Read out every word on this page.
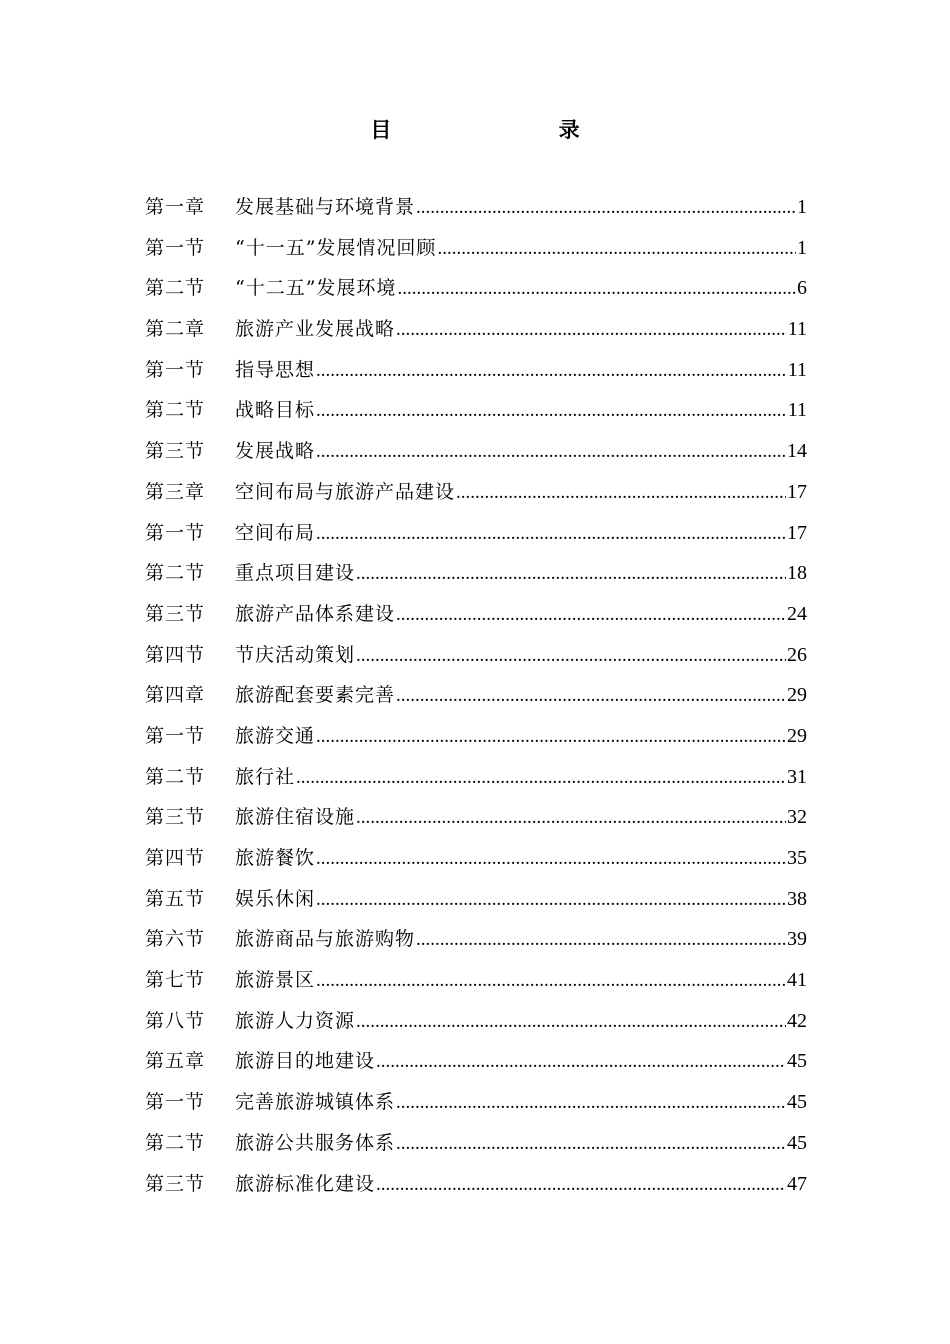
目 录
第一章	发展基础与环境背景 .....	1
第一节	“十一五”发展情况回顾 .....	1
第二节	“十二五”发展环境 .....	6
第二章	旅游产业发展战略 .....	11
第一节	指导思想 .....	11
第二节	战略目标 .....	11
第三节	发展战略 .....	14
第三章	空间布局与旅游产品建设 .....	17
第一节	空间布局 .....	17
第二节	重点项目建设 .....	18
第三节	旅游产品体系建设 .....	24
第四节	节庆活动策划 .....	26
第四章	旅游配套要素完善 .....	29
第一节	旅游交通 .....	29
第二节	旅行社 .....	31
第三节	旅游住宿设施 .....	32
第四节	旅游餐饮 .....	35
第五节	娱乐休闲 .....	38
第六节	旅游商品与旅游购物 .....	39
第七节	旅游景区 .....	41
第八节	旅游人力资源 .....	42
第五章	旅游目的地建设 .....	45
第一节	完善旅游城镇体系 .....	45
第二节	旅游公共服务体系 .....	45
第三节	旅游标准化建设 .....	47
